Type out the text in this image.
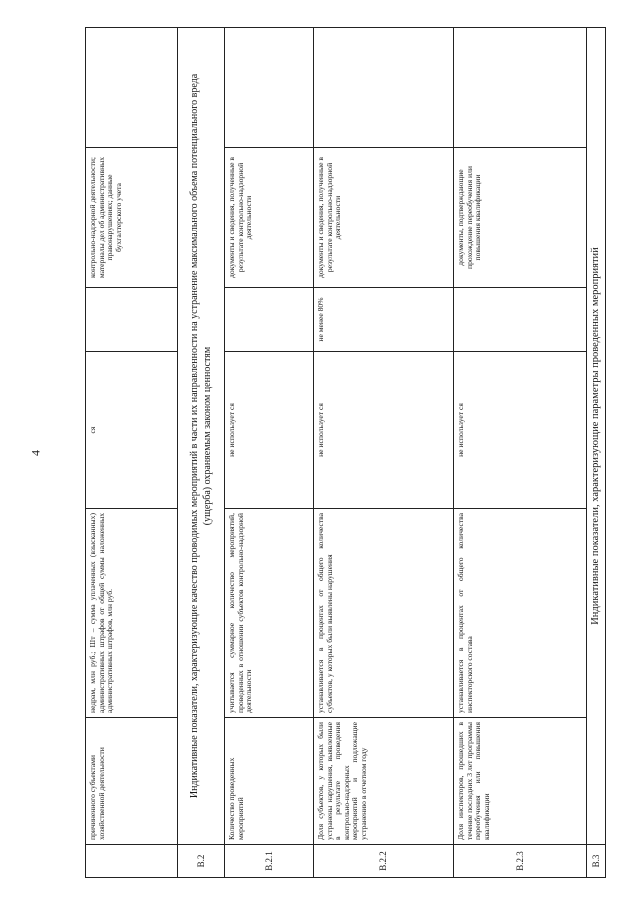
4
	причиненного субъектами хозяйственной деятельности	недрам, млн руб.; Шт – сумма уплаченных (взысканных) административных штрафов от общей суммы наложенных административных штрафов, млн руб.	ся		контрольно-надзорной деятельности; материалы дел об административных правонарушениях; данные бухгалтерского учета	
В.2	Индикативные показатели, характеризующие качество проводимых мероприятий в части их направленности на устранение максимального объема потенциального вреда (ущерба) охраняемым законом ценностям					
В.2.1	Количество проведенных мероприятий	учитывается суммарное количество мероприятий, проведенных в отношении субъектов контрольно-надзорной деятельности	не использует ся		документы и сведения, полученные в результате контрольно-надзорной деятельности	
В.2.2	Доля субъектов, у которых были устранены нарушения, выявленные в результате проведения контрольно-надзорных мероприятий и подлежащие устранению в отчетном году	устанавливается в процентах от общего количества субъектов, у которых были выявлены нарушения	не использует ся	не менее 80%	документы и сведения, полученные в результате контрольно-надзорной деятельности	
В.2.3	Доля инспекторов, прошедших в течение последних 3 лет программы переобучения или повышения квалификации	устанавливается в процентах от общего количества инспекторского состава	не использует ся		документы, подтверждающие прохождение переобучения или повышения квалификации	
В.3	Индикативные показатели, характеризующие параметры проведенных мероприятий					
